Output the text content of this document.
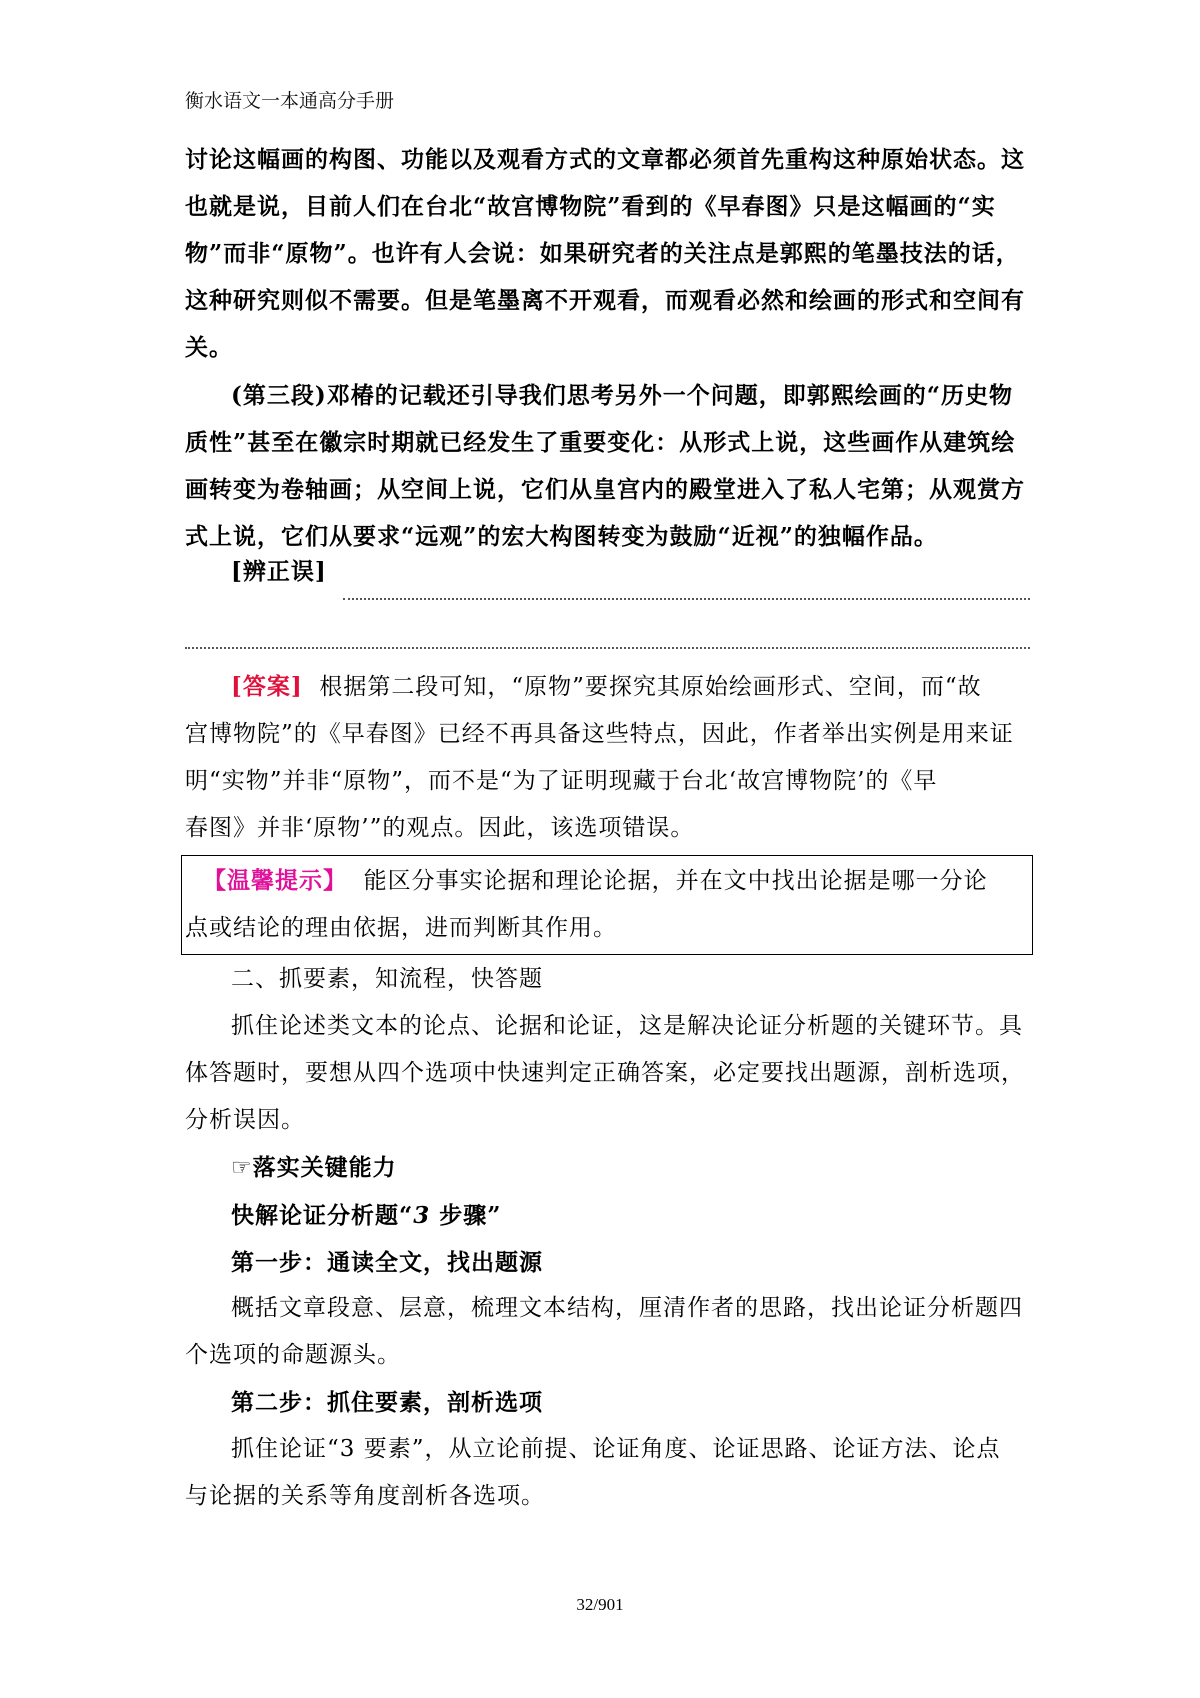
衡水语文一本通高分手册
讨论这幅画的构图、功能以及观看方式的文章都必须首先重构这种原始状态。这
也就是说，目前人们在台北“故宫博物院”看到的《早春图》只是这幅画的“实
物”而非“原物”。也许有人会说：如果研究者的关注点是郭熙的笔墨技法的话，
这种研究则似不需要。但是笔墨离不开观看，而观看必然和绘画的形式和空间有
关。
(第三段)邓椿的记载还引导我们思考另外一个问题，即郭熙绘画的“历史物
质性”甚至在徽宗时期就已经发生了重要变化：从形式上说，这些画作从建筑绘
画转变为卷轴画；从空间上说，它们从皇宫内的殿堂进入了私人宅第；从观赏方
式上说，它们从要求“远观”的宏大构图转变为鼓励“近视”的独幅作品。
[辨正误]
[答案] 根据第二段可知，“原物”要探究其原始绘画形式、空间，而“故
宫博物院”的《早春图》已经不再具备这些特点，因此，作者举出实例是用来证
明“实物”并非“原物”，而不是“为了证明现藏于台北‘故宫博物院’的《早
春图》并非‘原物’”的观点。因此，该选项错误。
【温馨提示】 能区分事实论据和理论论据，并在文中找出论据是哪一分论
点或结论的理由依据，进而判断其作用。
二、抓要素，知流程，快答题
抓住论述类文本的论点、论据和论证，这是解决论证分析题的关键环节。具
体答题时，要想从四个选项中快速判定正确答案，必定要找出题源，剖析选项，
分析误因。
☞落实关键能力
快解论证分析题“3 步骤”
第一步：通读全文，找出题源
概括文章段意、层意，梳理文本结构，厘清作者的思路，找出论证分析题四
个选项的命题源头。
第二步：抓住要素，剖析选项
抓住论证“3 要素”，从立论前提、论证角度、论证思路、论证方法、论点
与论据的关系等角度剖析各选项。
32/901
